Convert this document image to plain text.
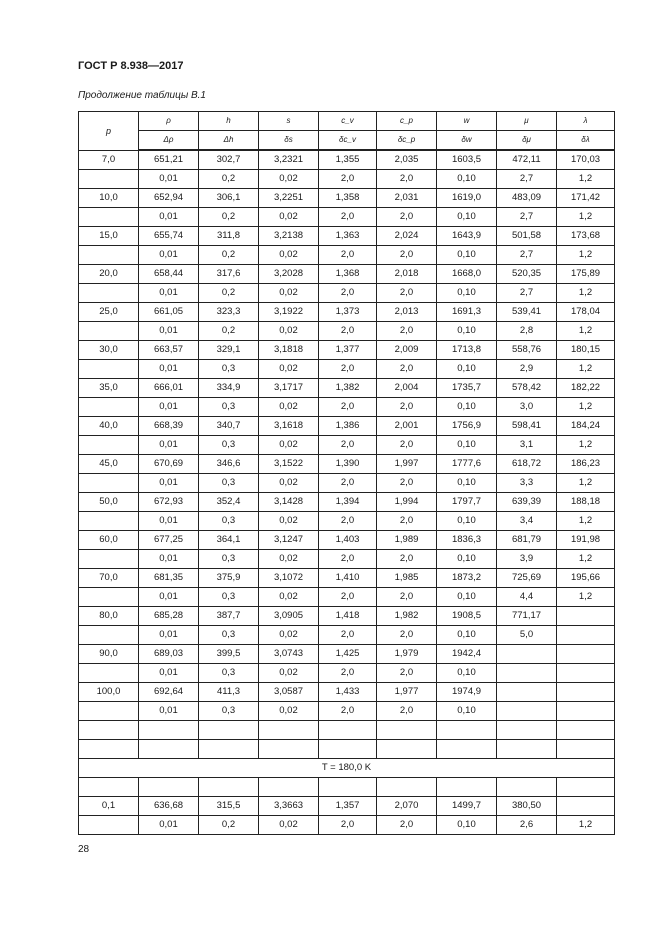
ГОСТ Р 8.938—2017
Продолжение таблицы В.1
p	ρ	h	s	c_v	c_p	w	μ	λ
	Δρ	Δh	δs	δc_v	δc_p	δw	δμ	δλ
7,0	651,21	302,7	3,2321	1,355	2,035	1603,5	472,11	170,03
	0,01	0,2	0,02	2,0	2,0	0,10	2,7	1,2
10,0	652,94	306,1	3,2251	1,358	2,031	1619,0	483,09	171,42
	0,01	0,2	0,02	2,0	2,0	0,10	2,7	1,2
15,0	655,74	311,8	3,2138	1,363	2,024	1643,9	501,58	173,68
	0,01	0,2	0,02	2,0	2,0	0,10	2,7	1,2
20,0	658,44	317,6	3,2028	1,368	2,018	1668,0	520,35	175,89
	0,01	0,2	0,02	2,0	2,0	0,10	2,7	1,2
25,0	661,05	323,3	3,1922	1,373	2,013	1691,3	539,41	178,04
	0,01	0,2	0,02	2,0	2,0	0,10	2,8	1,2
30,0	663,57	329,1	3,1818	1,377	2,009	1713,8	558,76	180,15
	0,01	0,3	0,02	2,0	2,0	0,10	2,9	1,2
35,0	666,01	334,9	3,1717	1,382	2,004	1735,7	578,42	182,22
	0,01	0,3	0,02	2,0	2,0	0,10	3,0	1,2
40,0	668,39	340,7	3,1618	1,386	2,001	1756,9	598,41	184,24
	0,01	0,3	0,02	2,0	2,0	0,10	3,1	1,2
45,0	670,69	346,6	3,1522	1,390	1,997	1777,6	618,72	186,23
	0,01	0,3	0,02	2,0	2,0	0,10	3,3	1,2
50,0	672,93	352,4	3,1428	1,394	1,994	1797,7	639,39	188,18
	0,01	0,3	0,02	2,0	2,0	0,10	3,4	1,2
60,0	677,25	364,1	3,1247	1,403	1,989	1836,3	681,79	191,98
	0,01	0,3	0,02	2,0	2,0	0,10	3,9	1,2
70,0	681,35	375,9	3,1072	1,410	1,985	1873,2	725,69	195,66
	0,01	0,3	0,02	2,0	2,0	0,10	4,4	1,2
80,0	685,28	387,7	3,0905	1,418	1,982	1908,5	771,17	
	0,01	0,3	0,02	2,0	2,0	0,10	5,0	
90,0	689,03	399,5	3,0743	1,425	1,979	1942,4		
	0,01	0,3	0,02	2,0	2,0	0,10		
100,0	692,64	411,3	3,0587	1,433	1,977	1974,9		
	0,01	0,3	0,02	2,0	2,0	0,10		

T = 180,0 K								

0,1	636,68	315,5	3,3663	1,357	2,070	1499,7	380,50	
	0,01	0,2	0,02	2,0	2,0	0,10	2,6	1,2
28
